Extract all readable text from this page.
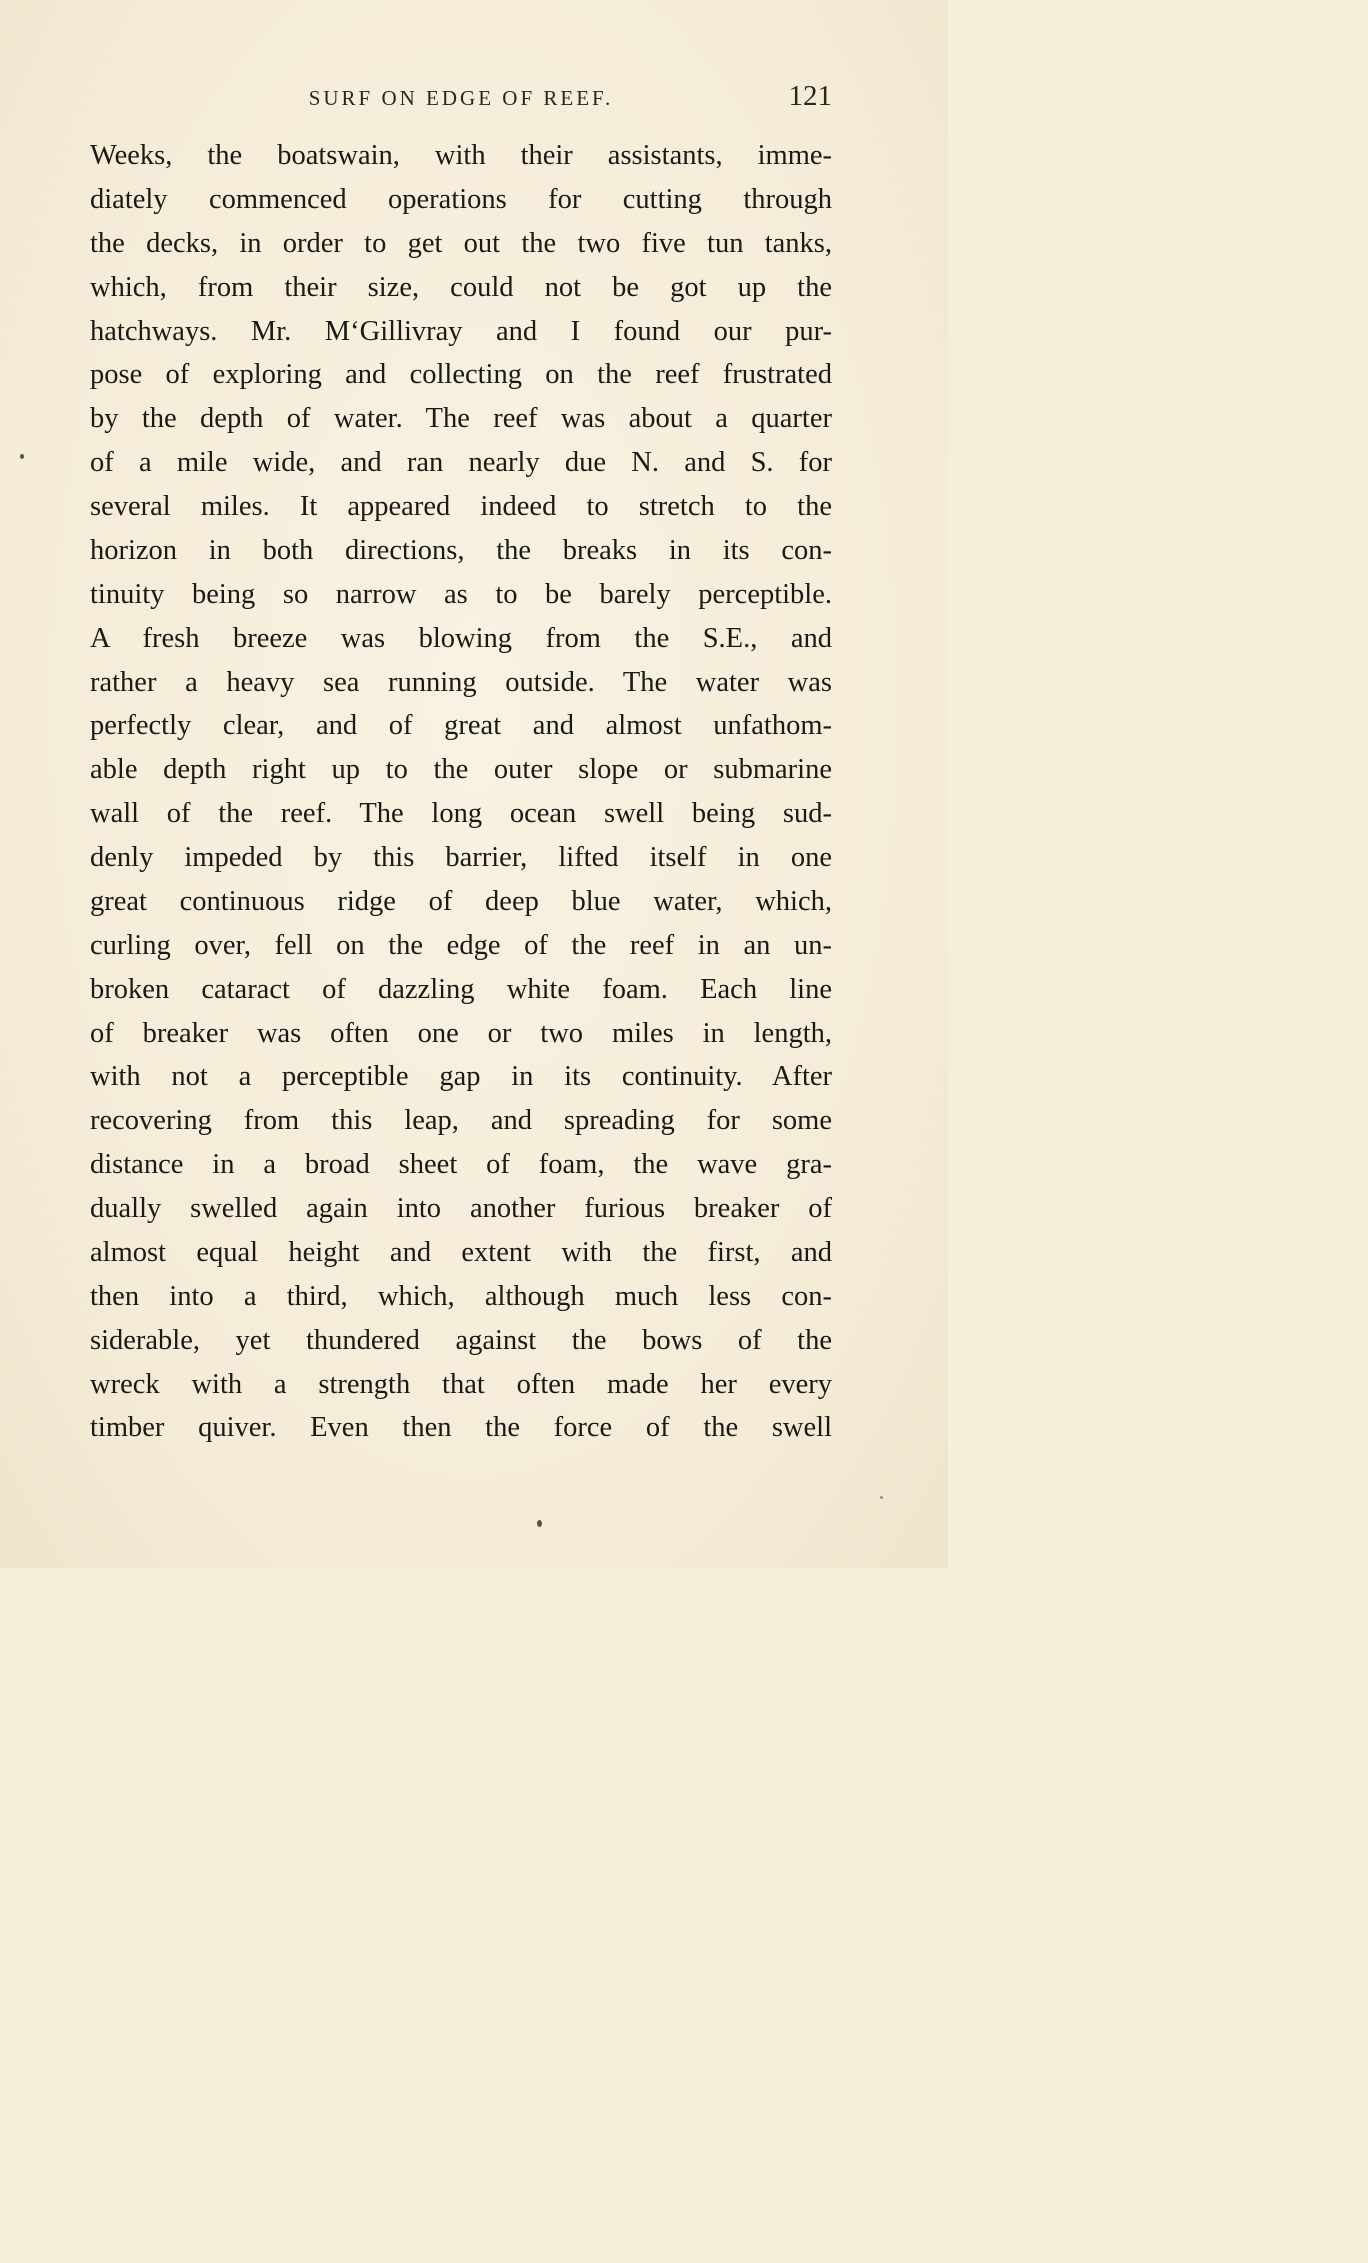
SURF ON EDGE OF REEF.	121
Weeks, the boatswain, with their assistants, imme-
diately commenced operations for cutting through
the decks, in order to get out the two five tun tanks,
which, from their size, could not be got up the
hatchways. Mr. M‘Gillivray and I found our pur-
pose of exploring and collecting on the reef frustrated
by the depth of water. The reef was about a quarter
of a mile wide, and ran nearly due N. and S. for
several miles. It appeared indeed to stretch to the
horizon in both directions, the breaks in its con-
tinuity being so narrow as to be barely perceptible.
A fresh breeze was blowing from the S.E., and
rather a heavy sea running outside. The water was
perfectly clear, and of great and almost unfathom-
able depth right up to the outer slope or submarine
wall of the reef. The long ocean swell being sud-
denly impeded by this barrier, lifted itself in one
great continuous ridge of deep blue water, which,
curling over, fell on the edge of the reef in an un-
broken cataract of dazzling white foam. Each line
of breaker was often one or two miles in length,
with not a perceptible gap in its continuity. After
recovering from this leap, and spreading for some
distance in a broad sheet of foam, the wave gra-
dually swelled again into another furious breaker of
almost equal height and extent with the first, and
then into a third, which, although much less con-
siderable, yet thundered against the bows of the
wreck with a strength that often made her every
timber quiver. Even then the force of the swell
